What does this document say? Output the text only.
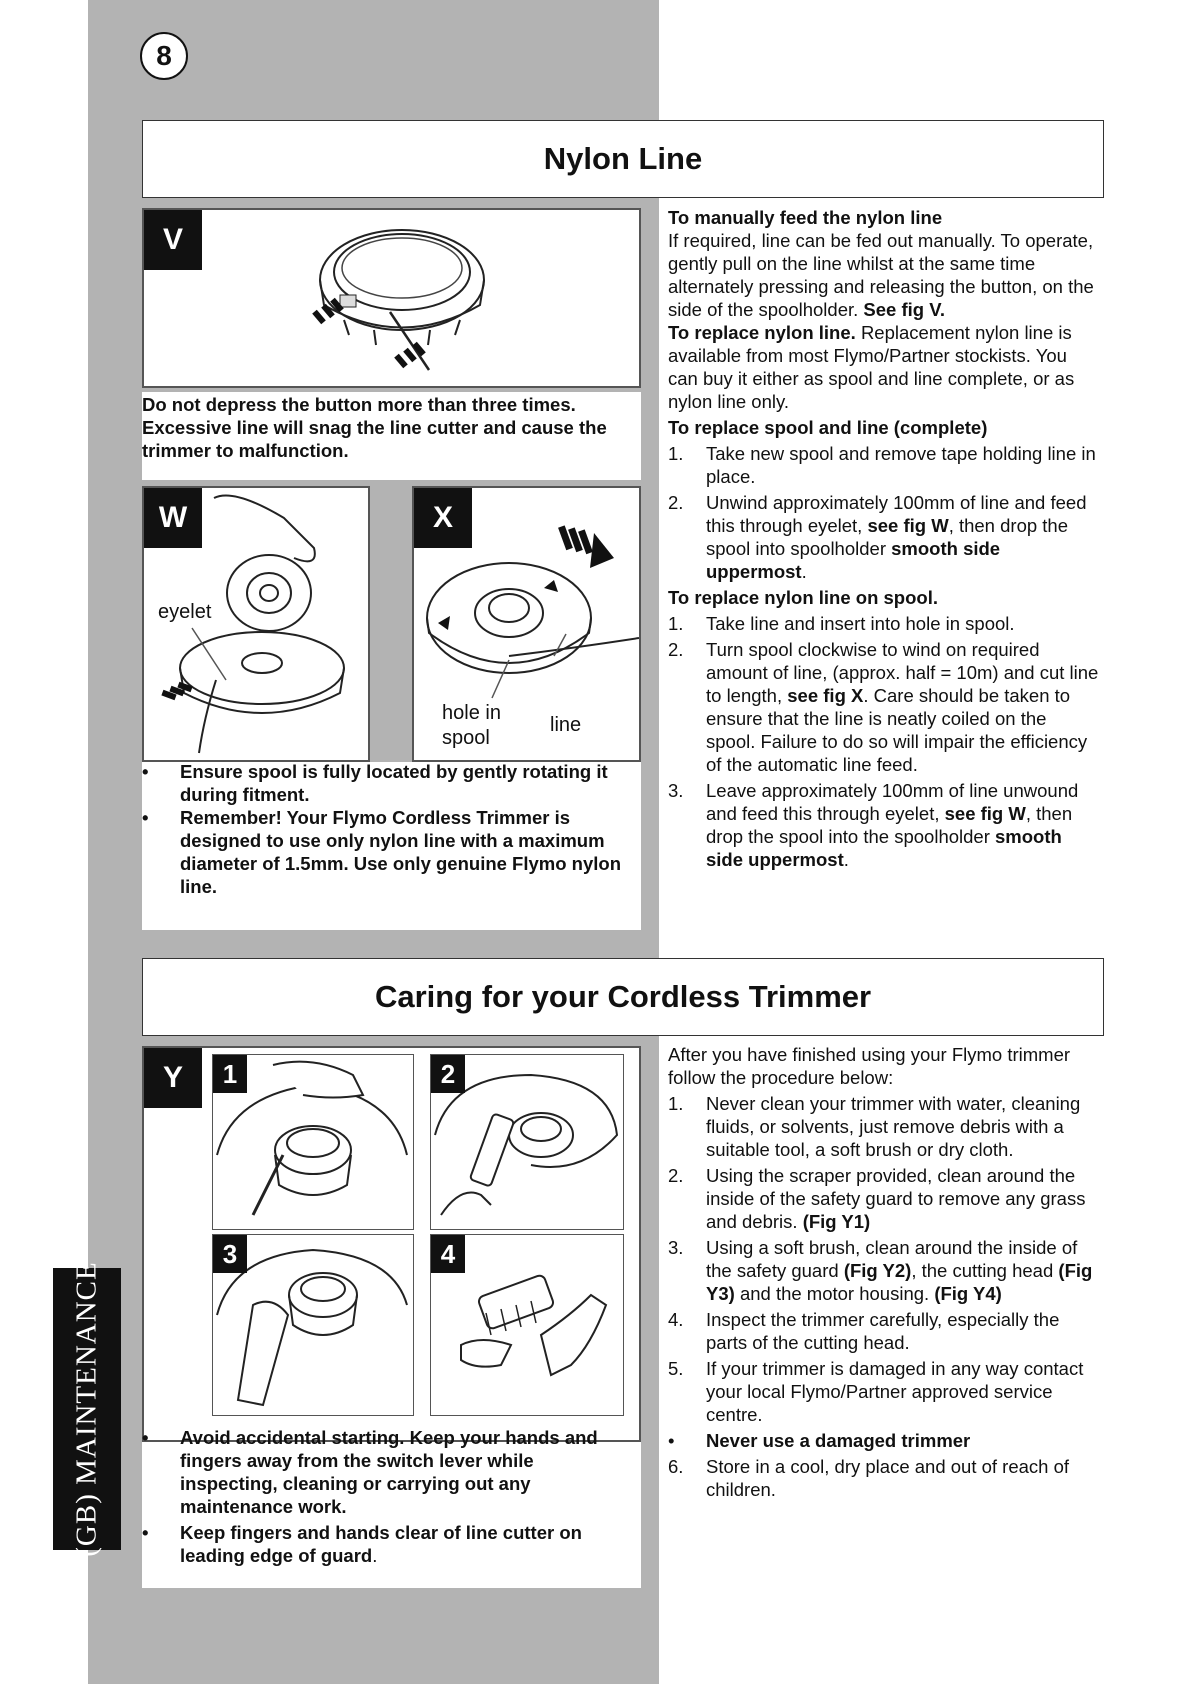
8
(GB) MAINTENANCE
Nylon Line
V
Do not depress the button more than three times. Excessive line will snag the line cutter and cause the trimmer to malfunction.
W
eyelet
X
hole in spool
line
• Ensure spool is fully located by gently rotating it during fitment.
• Remember! Your Flymo Cordless Trimmer is designed to use only nylon line with a maximum diameter of 1.5mm. Use only genuine Flymo nylon line.

To manually feed the nylon line

If required, line can be fed out manually. To operate, gently pull on the line whilst at the same time alternately pressing and releasing the button, on the side of the spoolholder. See fig V.

To replace nylon line. Replacement nylon line is available from most Flymo/Partner stockists. You can buy it either as spool and line complete, or as nylon line only.

To replace spool and line (complete)

1. Take new spool and remove tape holding line in place.
2. Unwind approximately 100mm of line and feed this through eyelet, see fig W, then drop the spool into spoolholder smooth side uppermost.

To replace nylon line on spool.

1. Take line and insert into hole in spool.
2. Turn spool clockwise to wind on required amount of line, (approx. half = 10m) and cut line to length, see fig X. Care should be taken to ensure that the line is neatly coiled on the spool. Failure to do so will impair the efficiency of the automatic line feed.
3. Leave approximately 100mm of line unwound and feed this through eyelet, see fig W, then drop the spool into the spoolholder smooth side uppermost.
Caring for your Cordless Trimmer
Y	1	2
3	4
• Avoid accidental starting. Keep your hands and fingers away from the switch lever while inspecting, cleaning or carrying out any maintenance work.
• Keep fingers and hands clear of line cutter on leading edge of guard.

After you have finished using your Flymo trimmer follow the procedure below:

1. Never clean your trimmer with water, cleaning fluids, or solvents, just remove debris with a suitable tool, a soft brush or dry cloth.
2. Using the scraper provided, clean around the inside of the safety guard to remove any grass and debris. (Fig Y1)
3. Using a soft brush, clean around the inside of the safety guard (Fig Y2), the cutting head (Fig Y3) and the motor housing. (Fig Y4)
4. Inspect the trimmer carefully, especially the parts of the cutting head.
5. If your trimmer is damaged in any way contact your local Flymo/Partner approved service centre.
• Never use a damaged trimmer
6. Store in a cool, dry place and out of reach of children.
